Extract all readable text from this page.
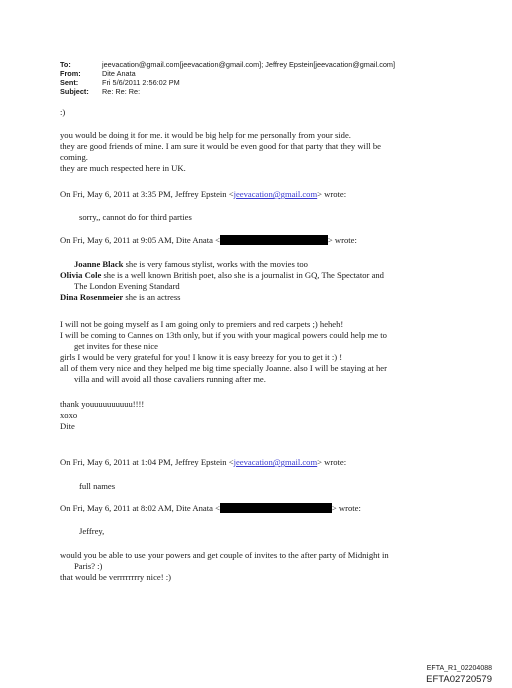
To:	jeevacation@gmail.com[jeevacation@gmail.com]; Jeffrey Epstein[jeevacation@gmail.com]
From:	Dite Anata
Sent:	Fri 5/6/2011 2:56:02 PM
Subject: Re: Re: Re:
:)
you would be doing it for me. it would be big help for me personally from your side.
they are good friends of mine. I am sure it would be even good for that party that they will be
coming.
they are much respected here in UK.
On Fri, May 6, 2011 at 3:35 PM, Jeffrey Epstein <jeevacation@gmail.com> wrote:
sorry,, cannot do for third parties
On Fri, May 6, 2011 at 9:05 AM, Dite Anata <	> wrote:
Joanne Black she is very famous stylist, works with the movies too
Olivia Cole she is a well known British poet, also she is a journalist in GQ, The Spectator and
The London Evening Standard
Dina Rosenmeier she is an actress
I will not be going myself as I am going only to premiers and red carpets ;) heheh!
I will be coming to Cannes on 13th only, but if you with your magical powers could help me to
get invites for these nice
girls I would be very grateful for you! I know it is easy breezy for you to get it :) !
all of them very nice and they helped me big time specially Joanne. also I will be staying at her
villa and will avoid all those cavaliers running after me.
thank youuuuuuuuuu!!!!
xoxo
Dite
On Fri, May 6, 2011 at 1:04 PM, Jeffrey Epstein <jeevacation@gmail.com> wrote:
full names
On Fri, May 6, 2011 at 8:02 AM, Dite Anata <	> wrote:
Jeffrey,
would you be able to use your powers and get couple of invites to the after party of Midnight in
Paris? :)
that would be verrrrrrrry nice! :)
EFTA_R1_02204088
EFTA02720579
